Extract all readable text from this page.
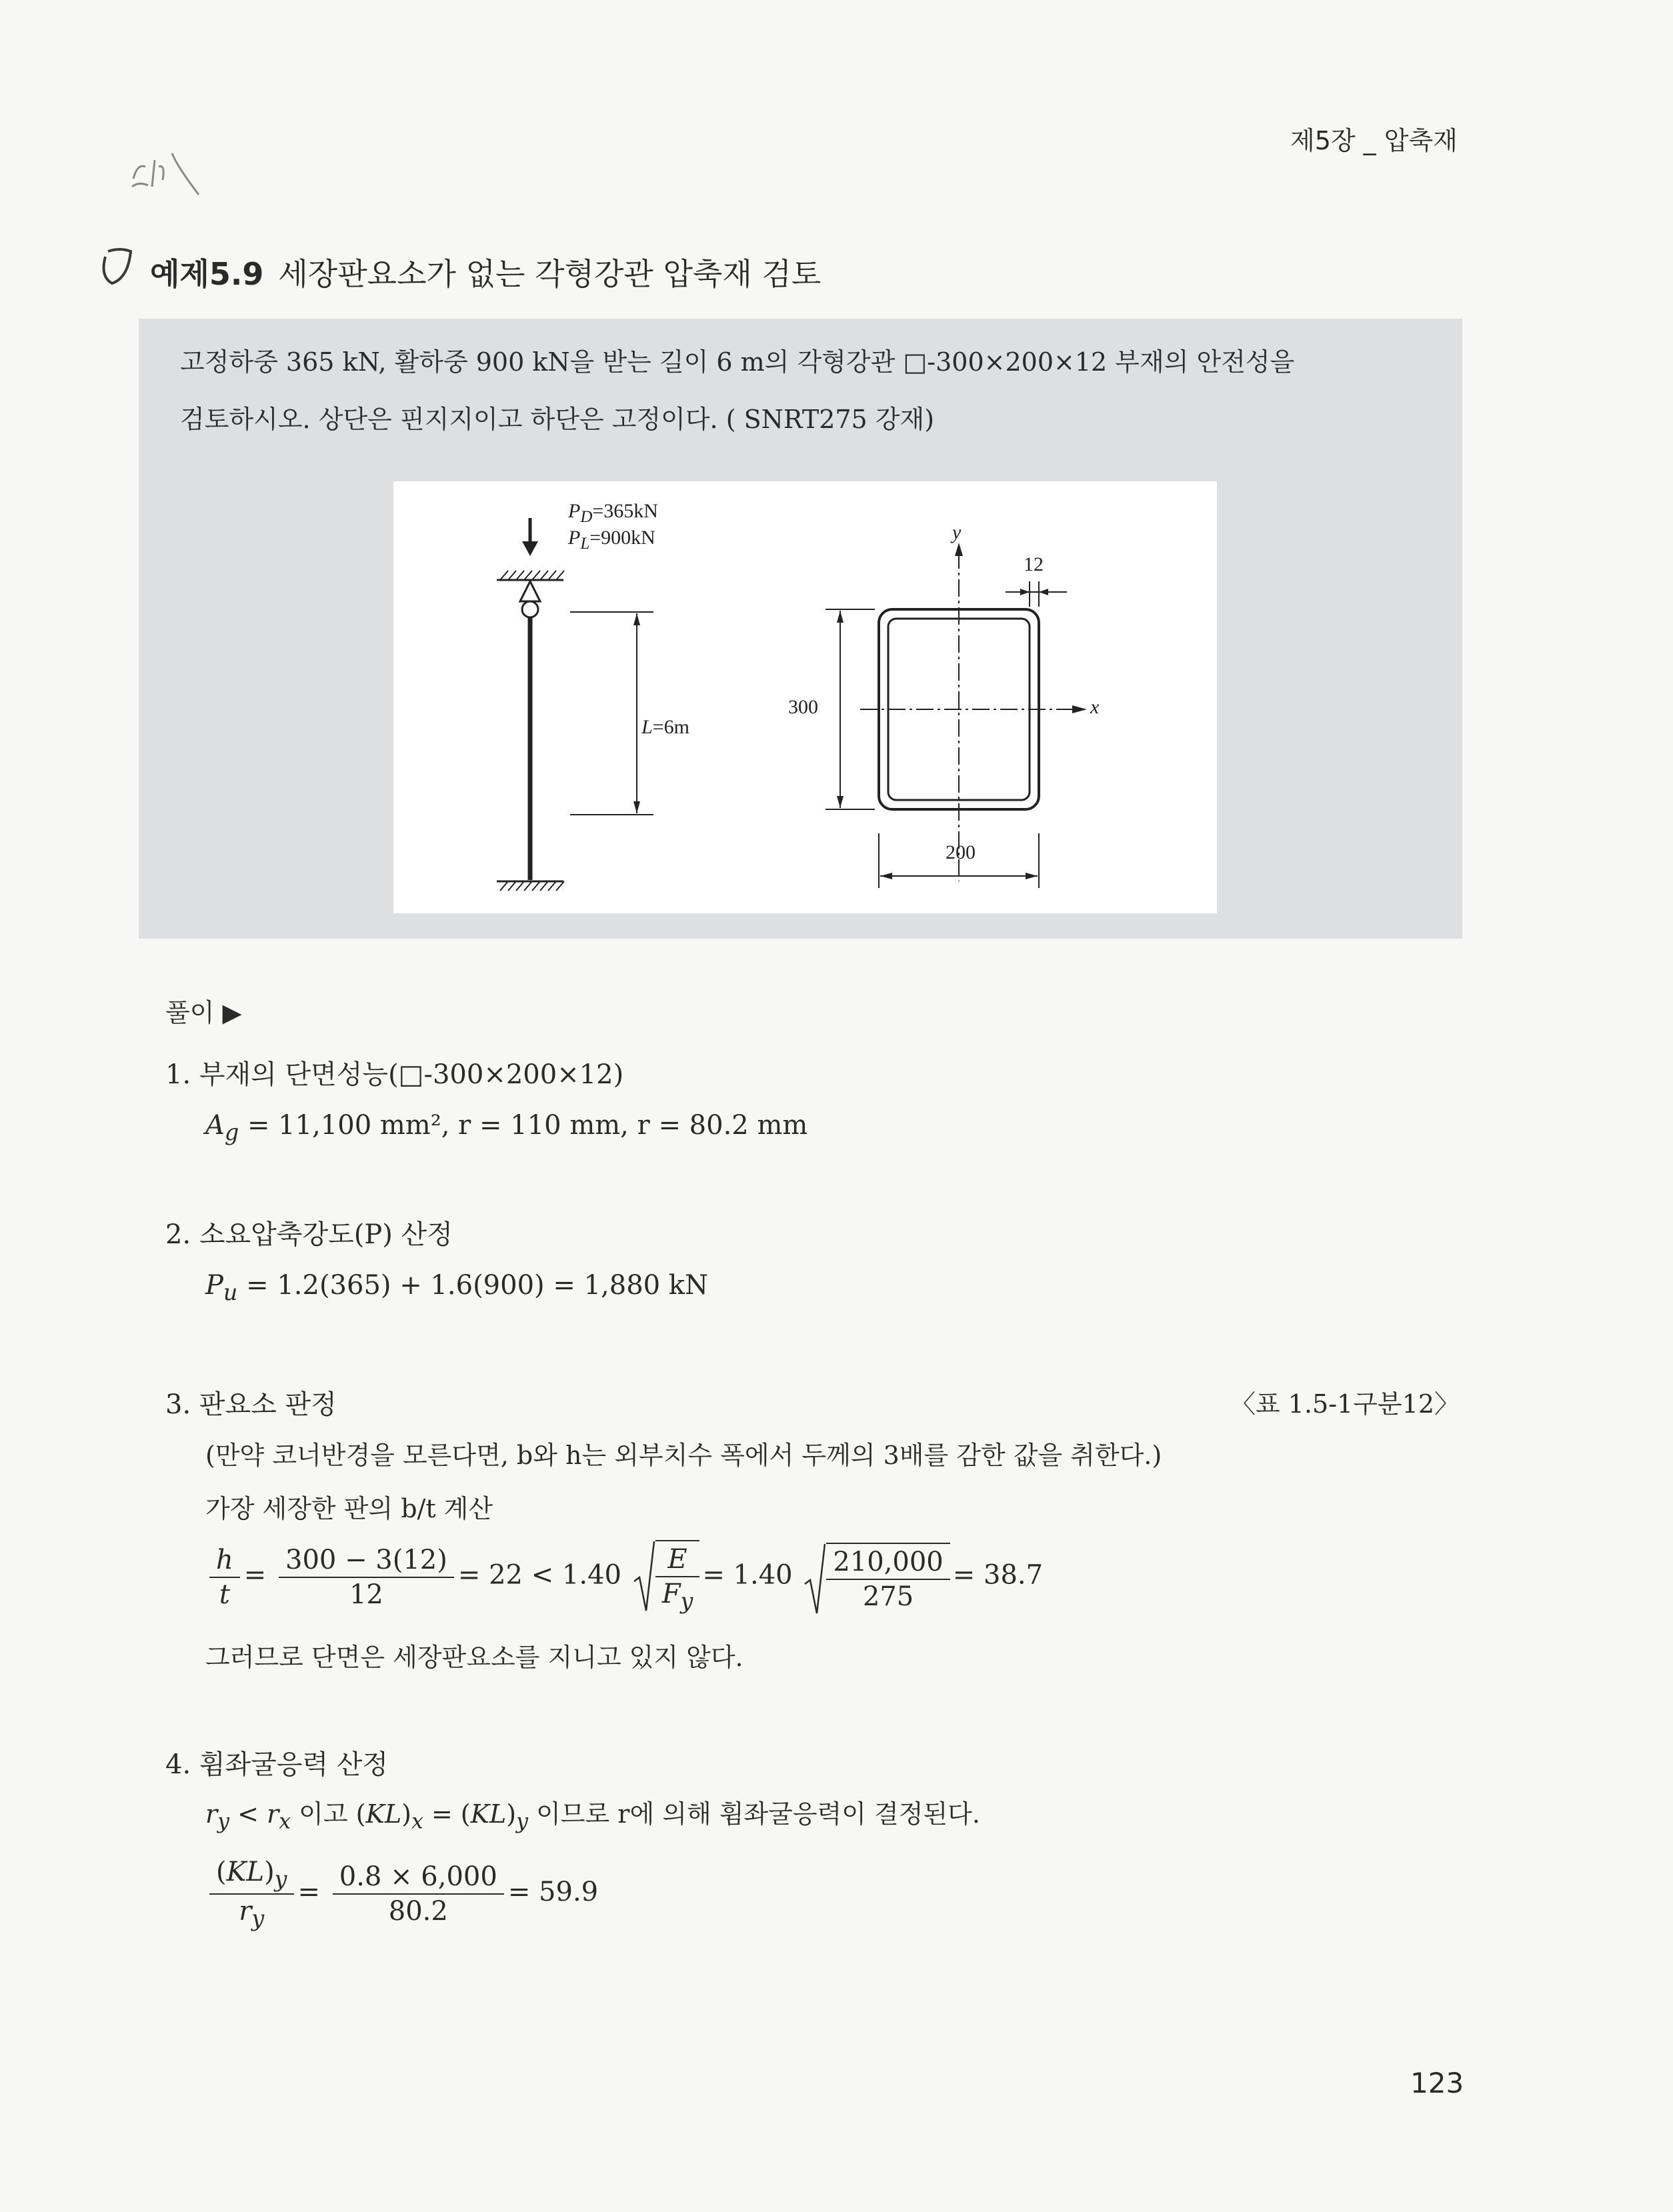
제5장 _ 압축재
예제5.9 세장판요소가 없는 각형강관 압축재 검토
고정하중 365 kN, 활하중 900 kN을 받는 길이 6 m의 각형강관 □-300×200×12 부재의 안전성을
검토하시오. 상단은 핀지지이고 하단은 고정이다. ( SNRT275 강재)
$P_D=365kN$
$P_L=900kN$
L=6m
y
x
12
300
200
풀이 ▶
1. 부재의 단면성능(□-300×200×12)
$A_g = 11,100$ mm², r = 110 mm, r = 80.2 mm
2. 소요압축강도(P) 산정
$P_u = 1.2(365) + 1.6(900) = 1,880$ kN
3. 판요소 판정	〈표 1.5-1구분12〉
(만약 코너반경을 모른다면, b와 h는 외부치수 폭에서 두께의 3배를 감한 값을 취한다.)
가장 세장한 판의 b/t 계산
$\frac{h}{t} = \frac{300 - 3(12)}{12} = 22 < 1.40 \frac{E}{F_y} = 1.40 \frac{210,000}{275} = 38.7$
그러므로 단면은 세장판요소를 지니고 있지 않다.
4. 휨좌굴응력 산정
$r_y < r_x$ 이고 $(KL)_x = (KL)_y$ 이므로 r에 의해 휨좌굴응력이 결정된다.
$\frac{(KL)_y}{r_y} = \frac{0.8 \times 6,000}{80.2} = 59.9$
123
